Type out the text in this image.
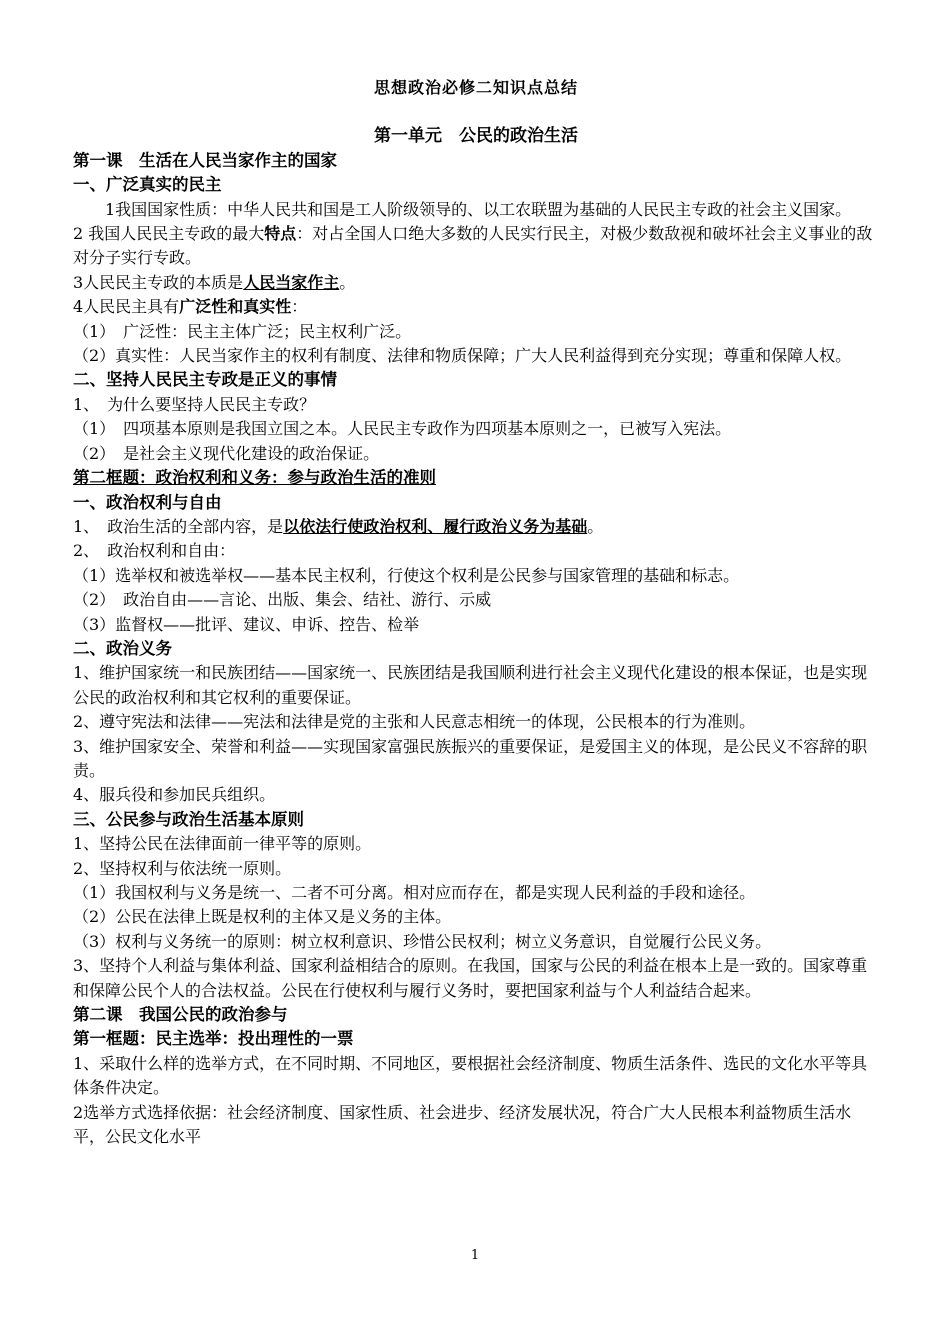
思想政治必修二知识点总结

第一单元　公民的政治生活

第一课　生活在人民当家作主的国家

一、广泛真实的民主

1我国国家性质：中华人民共和国是工人阶级领导的、以工农联盟为基础的人民民主专政的社会主义国家。

2 我国人民民主专政的最大特点：对占全国人口绝大多数的人民实行民主，对极少数敌视和破坏社会主义事业的敌对分子实行专政。

3人民民主专政的本质是人民当家作主。

4人民民主具有广泛性和真实性：

（1）　广泛性：民主主体广泛；民主权利广泛。

（2）真实性：人民当家作主的权利有制度、法律和物质保障；广大人民利益得到充分实现；尊重和保障人权。

二、坚持人民民主专政是正义的事情

1、　为什么要坚持人民民主专政？

（1）　四项基本原则是我国立国之本。人民民主专政作为四项基本原则之一，已被写入宪法。

（2）　是社会主义现代化建设的政治保证。

第二框题：政治权利和义务：参与政治生活的准则

一、政治权利与自由

1、　政治生活的全部内容，是以依法行使政治权利、履行政治义务为基础。

2、　政治权利和自由：

（1）选举权和被选举权——基本民主权利，行使这个权利是公民参与国家管理的基础和标志。

（2）　政治自由——言论、出版、集会、结社、游行、示威

（3）监督权——批评、建议、申诉、控告、检举

二、政治义务

1、维护国家统一和民族团结——国家统一、民族团结是我国顺利进行社会主义现代化建设的根本保证，也是实现公民的政治权利和其它权利的重要保证。

2、遵守宪法和法律——宪法和法律是党的主张和人民意志相统一的体现，公民根本的行为准则。

3、维护国家安全、荣誉和利益——实现国家富强民族振兴的重要保证，是爱国主义的体现，是公民义不容辞的职责。

4、服兵役和参加民兵组织。

三、公民参与政治生活基本原则

1、坚持公民在法律面前一律平等的原则。

2、坚持权利与依法统一原则。

（1）我国权利与义务是统一、二者不可分离。相对应而存在，都是实现人民利益的手段和途径。

（2）公民在法律上既是权利的主体又是义务的主体。

（3）权利与义务统一的原则：树立权利意识、珍惜公民权利；树立义务意识，自觉履行公民义务。

3、坚持个人利益与集体利益、国家利益相结合的原则。在我国，国家与公民的利益在根本上是一致的。国家尊重和保障公民个人的合法权益。公民在行使权利与履行义务时，要把国家利益与个人利益结合起来。

第二课　我国公民的政治参与

第一框题：民主选举：投出理性的一票

1、采取什么样的选举方式，在不同时期、不同地区，要根据社会经济制度、物质生活条件、选民的文化水平等具体条件决定。

2选举方式选择依据：社会经济制度、国家性质、社会进步、经济发展状况，符合广大人民根本利益物质生活水平，公民文化水平

1
